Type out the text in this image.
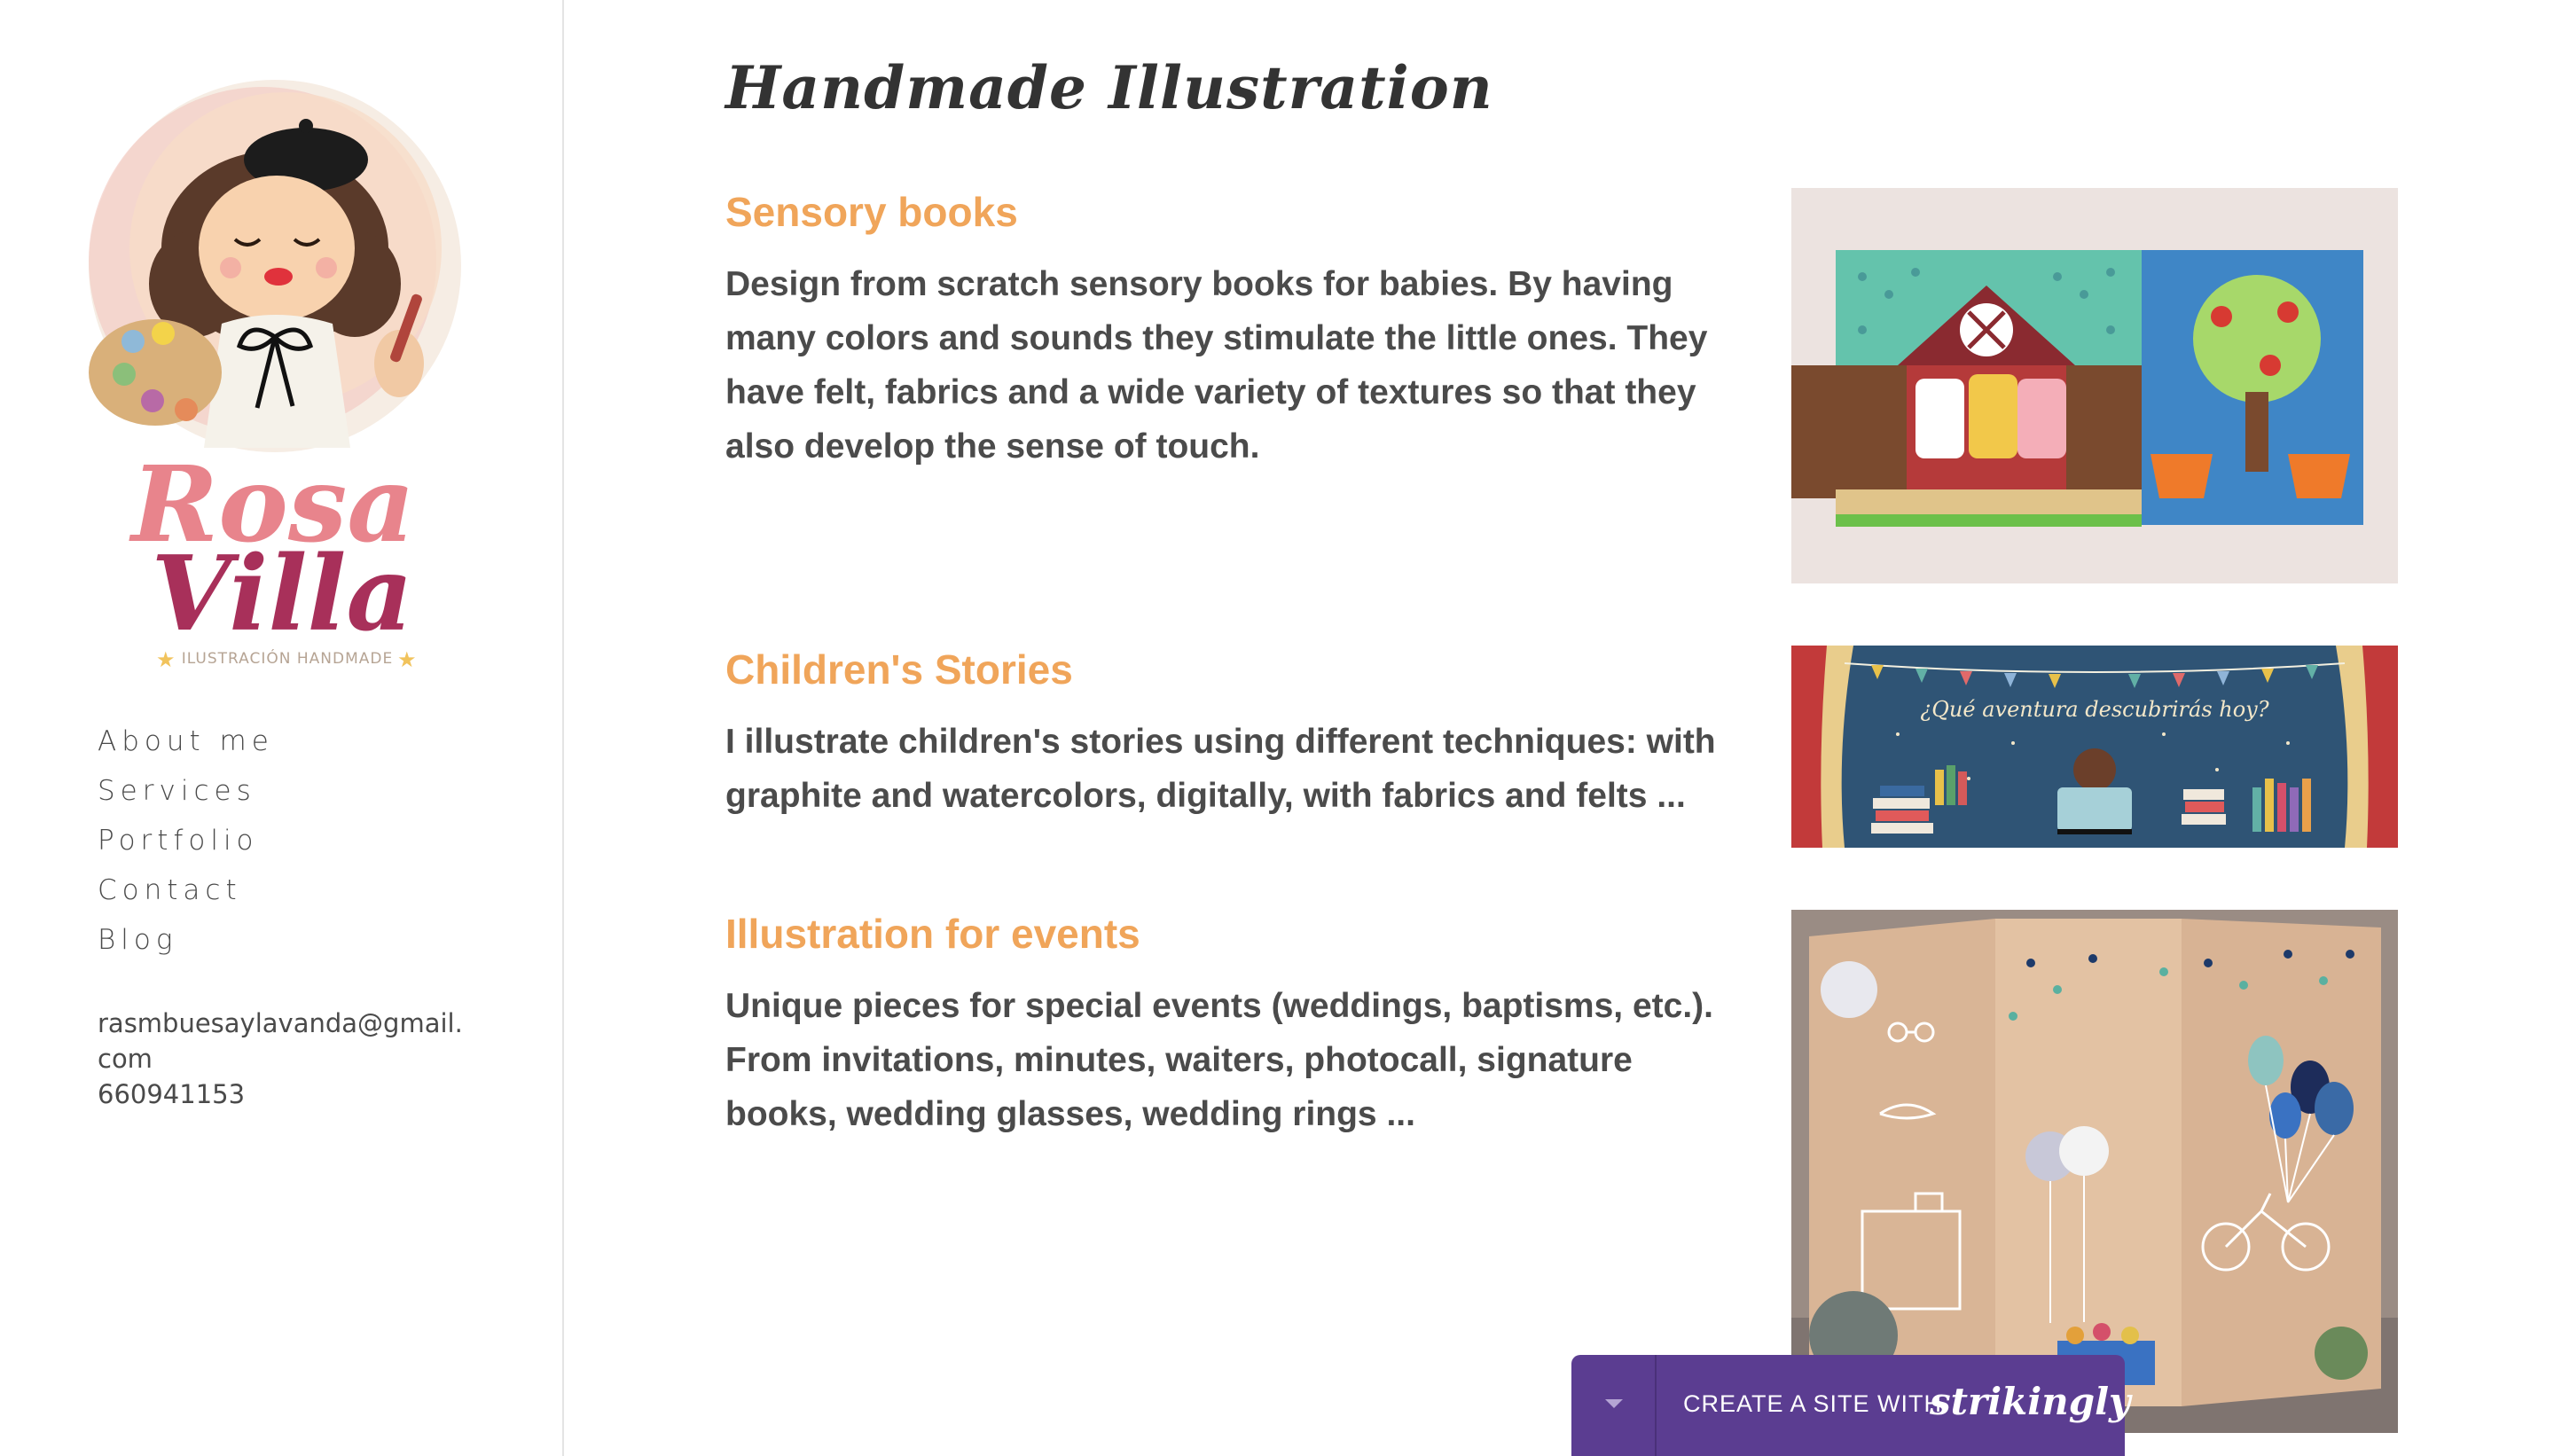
Rosa
Villa
★ ILUSTRACIÓN HANDMADE ★
About me
Services
Portfolio
Contact
Blog
rasmbuesaylavanda@gmail.com
660941153
Handmade Illustration
Sensory books

Design from scratch sensory books for babies. By having many colors and sounds they stimulate the little ones. They have felt, fabrics and a wide variety of textures so that they also develop the sense of touch.

Children's Stories

I illustrate children's stories using different techniques: with graphite and watercolors, digitally, with fabrics and felts ...

¿Qué aventura descubrirás hoy?
Illustration for events

Unique pieces for special events (weddings, baptisms, etc.). From invitations, minutes, waiters, photocall, signature books, wedding glasses, wedding rings ...

CREATE A SITE WITH
strikingly
